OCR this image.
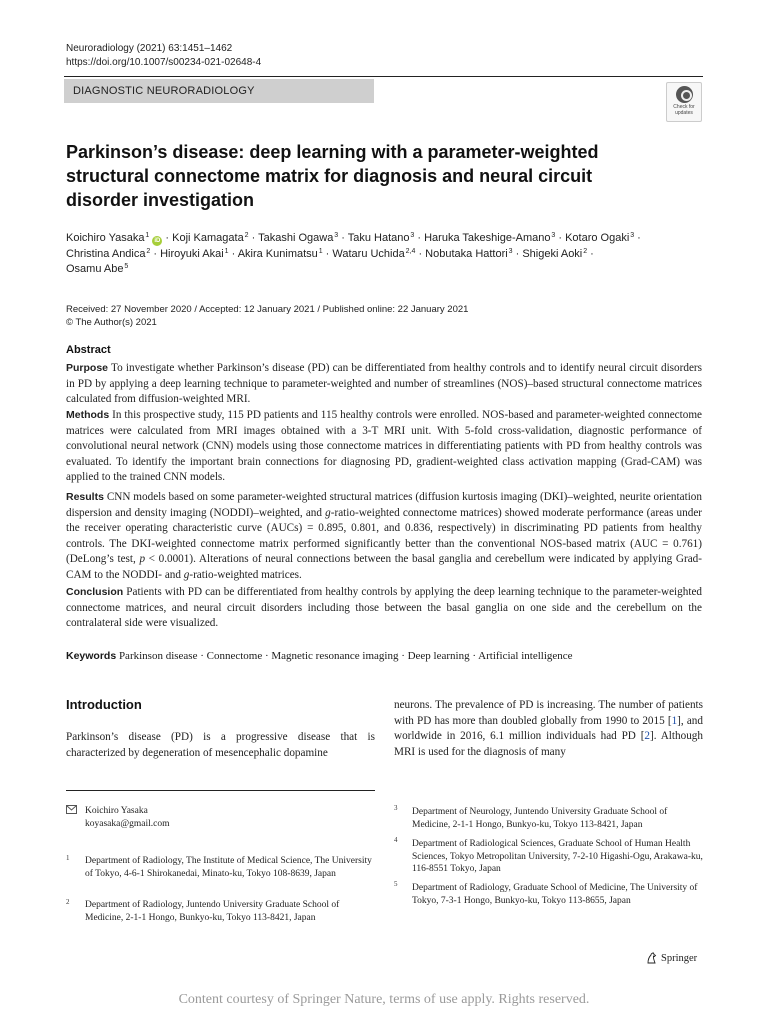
Neuroradiology (2021) 63:1451–1462
https://doi.org/10.1007/s00234-021-02648-4
DIAGNOSTIC NEURORADIOLOGY
Check for
updates
Parkinson’s disease: deep learning with a parameter-weighted structural connectome matrix for diagnosis and neural circuit disorder investigation
Koichiro Yasaka $^1$ iD · Koji Kamagata $^2$ · Takashi Ogawa $^3$ · Taku Hatano $^3$ · Haruka Takeshige-Amano $^3$ · Kotaro Ogaki $^3$ ·
Christina Andica $^2$ · Hiroyuki Akai $^1$ · Akira Kunimatsu $^1$ · Wataru Uchida $^{2,4}$ · Nobutaka Hattori $^3$ · Shigeki Aoki $^2$ ·
Osamu Abe $^5$
Received: 27 November 2020 / Accepted: 12 January 2021 / Published online: 22 January 2021
© The Author(s) 2021
Abstract
Purpose To investigate whether Parkinson’s disease (PD) can be differentiated from healthy controls and to identify neural circuit disorders in PD by applying a deep learning technique to parameter-weighted and number of streamlines (NOS)–based structural connectome matrices calculated from diffusion-weighted MRI.
Methods In this prospective study, 115 PD patients and 115 healthy controls were enrolled. NOS-based and parameter-weighted connectome matrices were calculated from MRI images obtained with a 3-T MRI unit. With 5-fold cross-validation, diagnostic performance of convolutional neural network (CNN) models using those connectome matrices in differentiating patients with PD from healthy controls was evaluated. To identify the important brain connections for diagnosing PD, gradient-weighted class activation mapping (Grad-CAM) was applied to the trained CNN models.
Results CNN models based on some parameter-weighted structural matrices (diffusion kurtosis imaging (DKI)–weighted, neurite orientation dispersion and density imaging (NODDI)–weighted, and g-ratio-weighted connectome matrices) showed moderate performance (areas under the receiver operating characteristic curve (AUCs) = 0.895, 0.801, and 0.836, respectively) in discriminating PD patients from healthy controls. The DKI-weighted connectome matrix performed significantly better than the conventional NOS-based matrix (AUC = 0.761) (DeLong’s test, p < 0.0001). Alterations of neural connections between the basal ganglia and cerebellum were indicated by applying Grad-CAM to the NODDI- and g-ratio-weighted matrices.
Conclusion Patients with PD can be differentiated from healthy controls by applying the deep learning technique to the parameter-weighted connectome matrices, and neural circuit disorders including those between the basal ganglia on one side and the cerebellum on the contralateral side were visualized.
Keywords Parkinson disease · Connectome · Magnetic resonance imaging · Deep learning · Artificial intelligence
Introduction
Parkinson’s disease (PD) is a progressive disease that is characterized by degeneration of mesencephalic dopamine
neurons. The prevalence of PD is increasing. The number of patients with PD has more than doubled globally from 1990 to 2015 [1], and worldwide in 2016, 6.1 million individuals had PD [2]. Although MRI is used for the diagnosis of many
Koichiro Yasaka
koyasaka@gmail.com
1 Department of Radiology, The Institute of Medical Science, The University of Tokyo, 4-6-1 Shirokanedai, Minato-ku, Tokyo 108-8639, Japan
2 Department of Radiology, Juntendo University Graduate School of Medicine, 2-1-1 Hongo, Bunkyo-ku, Tokyo 113-8421, Japan
3 Department of Neurology, Juntendo University Graduate School of Medicine, 2-1-1 Hongo, Bunkyo-ku, Tokyo 113-8421, Japan
4 Department of Radiological Sciences, Graduate School of Human Health Sciences, Tokyo Metropolitan University, 7-2-10 Higashi-Ogu, Arakawa-ku, 116-8551 Tokyo, Japan
5 Department of Radiology, Graduate School of Medicine, The University of Tokyo, 7-3-1 Hongo, Bunkyo-ku, Tokyo 113-8655, Japan
Springer
Content courtesy of Springer Nature, terms of use apply. Rights reserved.
